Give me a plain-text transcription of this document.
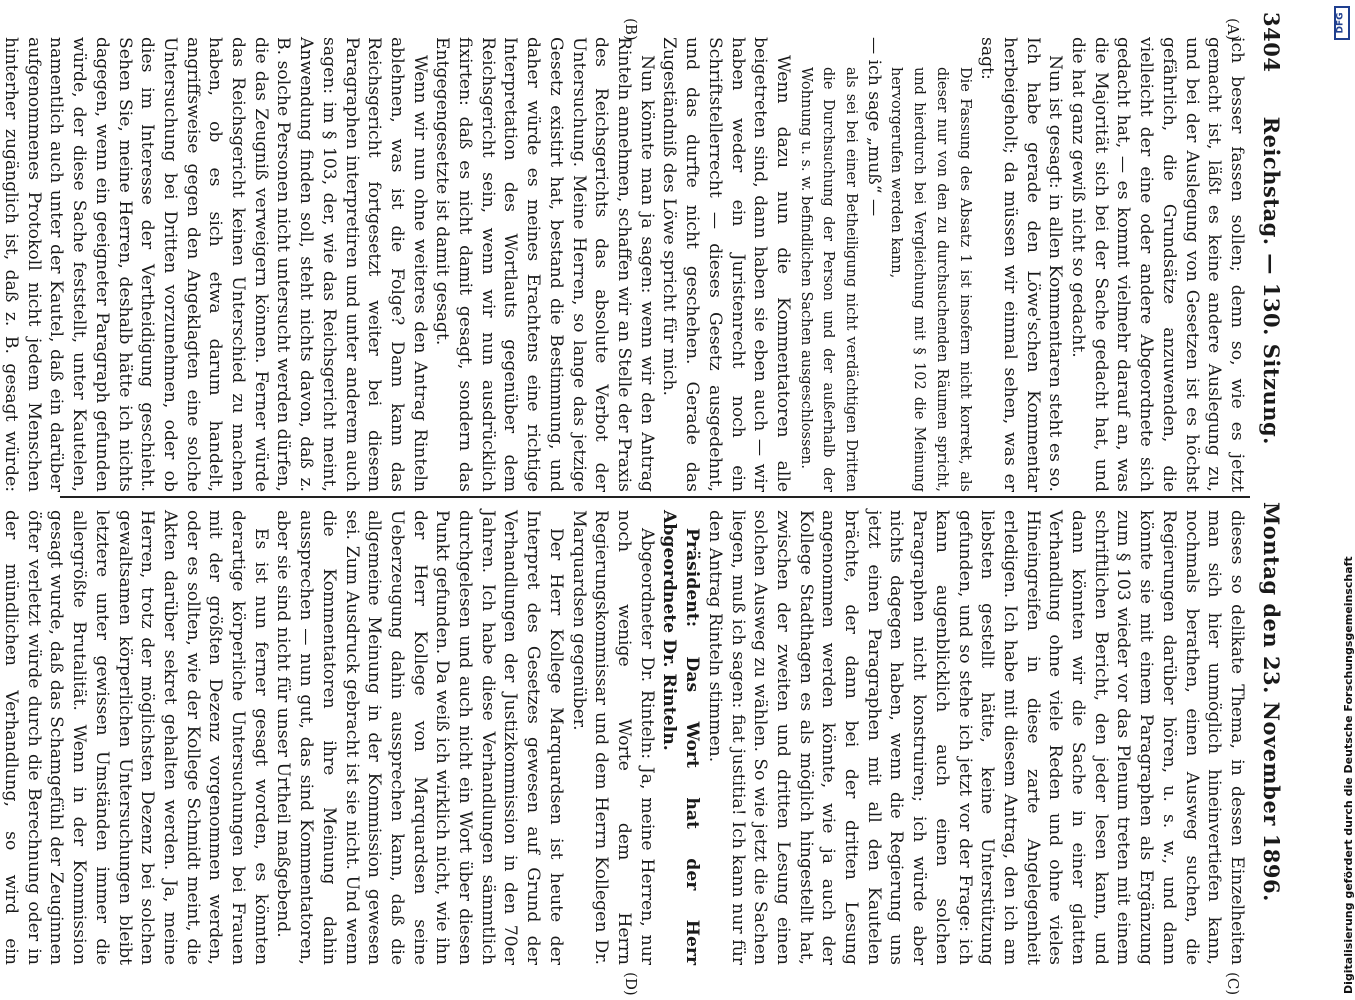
3404
Reichstag. — 130. Sitzung.
Montag den 23. November 1896.
(A)
(B)
(C)
(D)

ich besser fassen sollen; denn so, wie es jetzt gemacht ist, läßt es keine andere Auslegung zu, und bei der Auslegung von Gesetzen ist es höchst gefährlich, die Grundsätze anzuwenden, die vielleicht der eine oder andere Abgeordnete sich gedacht hat, — es kommt vielmehr darauf an, was die Majorität sich bei der Sache gedacht hat, und die hat ganz gewiß nicht so gedacht.

Nun ist gesagt: in allen Kommentaren steht es so. Ich habe gerade den Löwe'schen Kommentar herbeigeholt; da müssen wir einmal sehen, was er sagt:

Die Fassung des Absatz 1 ist insofern nicht korrekt, als dieser nur von den zu durchsuchenden Räumen spricht, und hierdurch bei Vergleichung mit § 102 die Meinung hervorgerufen werden kann,

— ich sage „muß“ —

als sei bei einer Betheiligung nicht verdächtigen Dritten die Durchsuchung der Person und der außerhalb der Wohnung u. s. w. befindlichen Sachen ausgeschlossen.

Wenn dazu nun die Kommentatoren alle beigetreten sind, dann haben sie eben auch — wir haben weder ein Juristenrecht noch ein Schriftstellerrecht — dieses Gesetz ausgedehnt, und das durfte nicht geschehen. Gerade das Zugeständniß des Löwe spricht für mich.

Nun könnte man ja sagen: wenn wir den Antrag Rinteln annehmen, schaffen wir an Stelle der Praxis des Reichsgerichts das absolute Verbot der Untersuchung. Meine Herren, so lange das jetzige Gesetz existirt hat, bestand die Bestimmung, und daher würde es meines Erachtens eine richtige Interpretation des Wortlauts gegenüber dem Reichsgericht sein, wenn wir nun ausdrücklich fixirten: daß es nicht damit gesagt, sondern das Entgegengesetzte ist damit gesagt.

Wenn wir nun ohne weiteres den Antrag Rinteln ablehnen, was ist die Folge? Dann kann das Reichsgericht fortgesetzt weiter bei diesem Paragraphen interpretiren und unter anderem auch sagen: im § 103, der, wie das Reichsgericht meint, Anwendung finden soll, steht nichts davon, daß z. B. solche Personen nicht untersucht werden dürfen, die das Zeugniß verweigern können. Ferner würde das Reichsgericht keinen Unterschied zu machen haben, ob es sich etwa darum handelt, angriffsweise gegen den Angeklagten eine solche Untersuchung bei Dritten vorzunehmen, oder ob dies im Interesse der Vertheidigung geschieht. Sehen Sie, meine Herren, deshalb hätte ich nichts dagegen, wenn ein geeigneter Paragraph gefunden würde, der diese Sache feststellt, unter Kautelen, namentlich auch unter der Kautel, daß ein darüber aufgenommenes Protokoll nicht jedem Menschen hinterher zugänglich ist, daß z. B. gesagt würde:

dieses so delikate Thema, in dessen Einzelheiten man sich hier unmöglich hineinvertiefen kann, nochmals berathen, einen Ausweg suchen, die Regierungen darüber hören, u. s. w., und dann könnte sie mit einem Paragraphen als Ergänzung zum § 103 wieder vor das Plenum treten mit einem schriftlichen Bericht, den jeder lesen kann, und dann könnten wir die Sache in einer glatten Verhandlung ohne viele Reden und ohne vieles Hineingreifen in diese zarte Angelegenheit erledigen. Ich habe mit diesem Antrag, den ich am liebsten gestellt hätte, keine Unterstützung gefunden, und so stehe ich jetzt vor der Frage: ich kann augenblicklich auch einen solchen Paragraphen nicht konstruiren; ich würde aber nichts dagegen haben, wenn die Regierung uns jetzt einen Paragraphen mit all den Kautelen brächte, der dann bei der dritten Lesung angenommen werden könnte, wie ja auch der Kollege Stadthagen es als möglich hingestellt hat, zwischen der zweiten und dritten Lesung einen solchen Ausweg zu wählen. So wie jetzt die Sachen liegen, muß ich sagen: fiat justitia! Ich kann nur für den Antrag Rinteln stimmen.

Präsident: Das Wort hat der Herr Abgeordnete Dr. Rinteln.

Abgeordneter Dr. Rinteln: Ja, meine Herren, nur noch wenige Worte dem Herrn Regierungskommissar und dem Herrn Kollegen Dr. Marquardsen gegenüber.

Der Herr Kollege Marquardsen ist heute der Interpret des Gesetzes gewesen auf Grund der Verhandlungen der Justizkommission in den 70er Jahren. Ich habe diese Verhandlungen sämmtlich durchgelesen und auch nicht ein Wort über diesen Punkt gefunden. Da weiß ich wirklich nicht, wie ihn der Herr Kollege von Marquardsen seine Ueberzeugung dahin aussprechen kann, daß die allgemeine Meinung in der Kommission gewesen sei. Zum Ausdruck gebracht ist sie nicht. Und wenn die Kommentatoren ihre Meinung dahin aussprechen — nun gut, das sind Kommentatoren, aber sie sind nicht für unser Urtheil maßgebend.

Es ist nun ferner gesagt worden, es könnten derartige körperliche Untersuchungen bei Frauen mit der größten Dezenz vorgenommen werden, oder es sollten, wie der Kollege Schmidt meint, die Akten darüber sekret gehalten werden. Ja, meine Herren, trotz der möglichsten Dezenz bei solchen gewaltsamen körperlichen Untersuchungen bleibt letztere unter gewissen Umständen immer die allergrößte Brutalität. Wenn in der Kommission gesagt wurde, daß das Schamgefühl der Zeuginnen öfter verletzt würde durch die Berechnung oder in der mündlichen Verhandlung, so wird ein

DFG
Digitalisierung gefördert durch die Deutsche Forschungsgemeinschaft
